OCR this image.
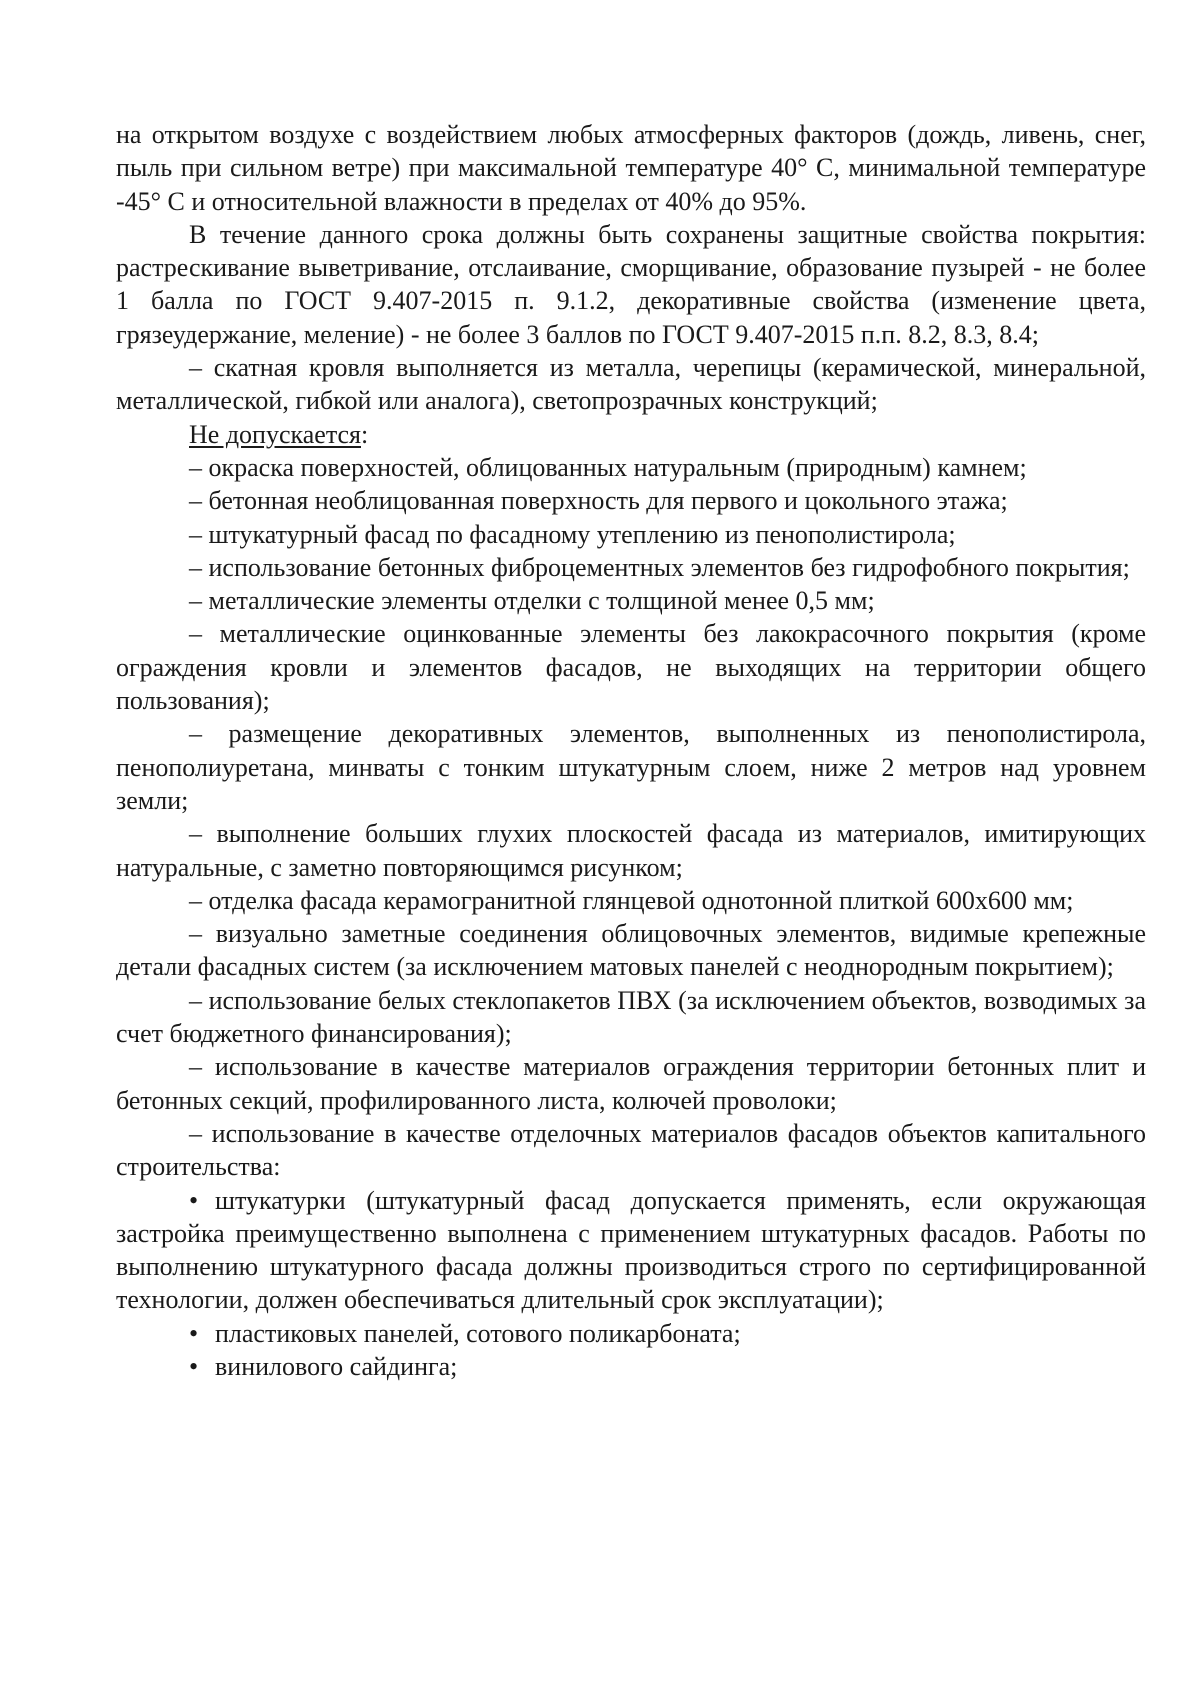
на открытом воздухе с воздействием любых атмосферных факторов (дождь, ливень, снег, пыль при сильном ветре) при максимальной температуре 40° С, минимальной температуре -45° С и относительной влажности в пределах от 40% до 95%.

В течение данного срока должны быть сохранены защитные свойства покрытия: растрескивание выветривание, отслаивание, сморщивание, образование пузырей - не более 1 балла по ГОСТ 9.407-2015 п. 9.1.2, декоративные свойства (изменение цвета, грязеудержание, меление) - не более 3 баллов по ГОСТ 9.407-2015 п.п. 8.2, 8.3, 8.4;

– скатная кровля выполняется из металла, черепицы (керамической, минеральной, металлической, гибкой или аналога), светопрозрачных конструкций;

Не допускается:

– окраска поверхностей, облицованных натуральным (природным) камнем;

– бетонная необлицованная поверхность для первого и цокольного этажа;

– штукатурный фасад по фасадному утеплению из пенополистирола;

– использование бетонных фиброцементных элементов без гидрофобного покрытия;

– металлические элементы отделки с толщиной менее 0,5 мм;

– металлические оцинкованные элементы без лакокрасочного покрытия (кроме ограждения кровли и элементов фасадов, не выходящих на территории общего пользования);

– размещение декоративных элементов, выполненных из пенополистирола, пенополиуретана, минваты с тонким штукатурным слоем, ниже 2 метров над уровнем земли;

– выполнение больших глухих плоскостей фасада из материалов, имитирующих натуральные, с заметно повторяющимся рисунком;

– отделка фасада керамогранитной глянцевой однотонной плиткой 600х600 мм;

– визуально заметные соединения облицовочных элементов, видимые крепежные детали фасадных систем (за исключением матовых панелей с неоднородным покрытием);

– использование белых стеклопакетов ПВХ (за исключением объектов, возводимых за счет бюджетного финансирования);

– использование в качестве материалов ограждения территории бетонных плит и бетонных секций, профилированного листа, колючей проволоки;

– использование в качестве отделочных материалов фасадов объектов капитального строительства:

• штукатурки (штукатурный фасад допускается применять, если окружающая застройка преимущественно выполнена с применением штукатурных фасадов. Работы по выполнению штукатурного фасада должны производиться строго по сертифицированной технологии, должен обеспечиваться длительный срок эксплуатации);

• пластиковых панелей, сотового поликарбоната;

• винилового сайдинга;
